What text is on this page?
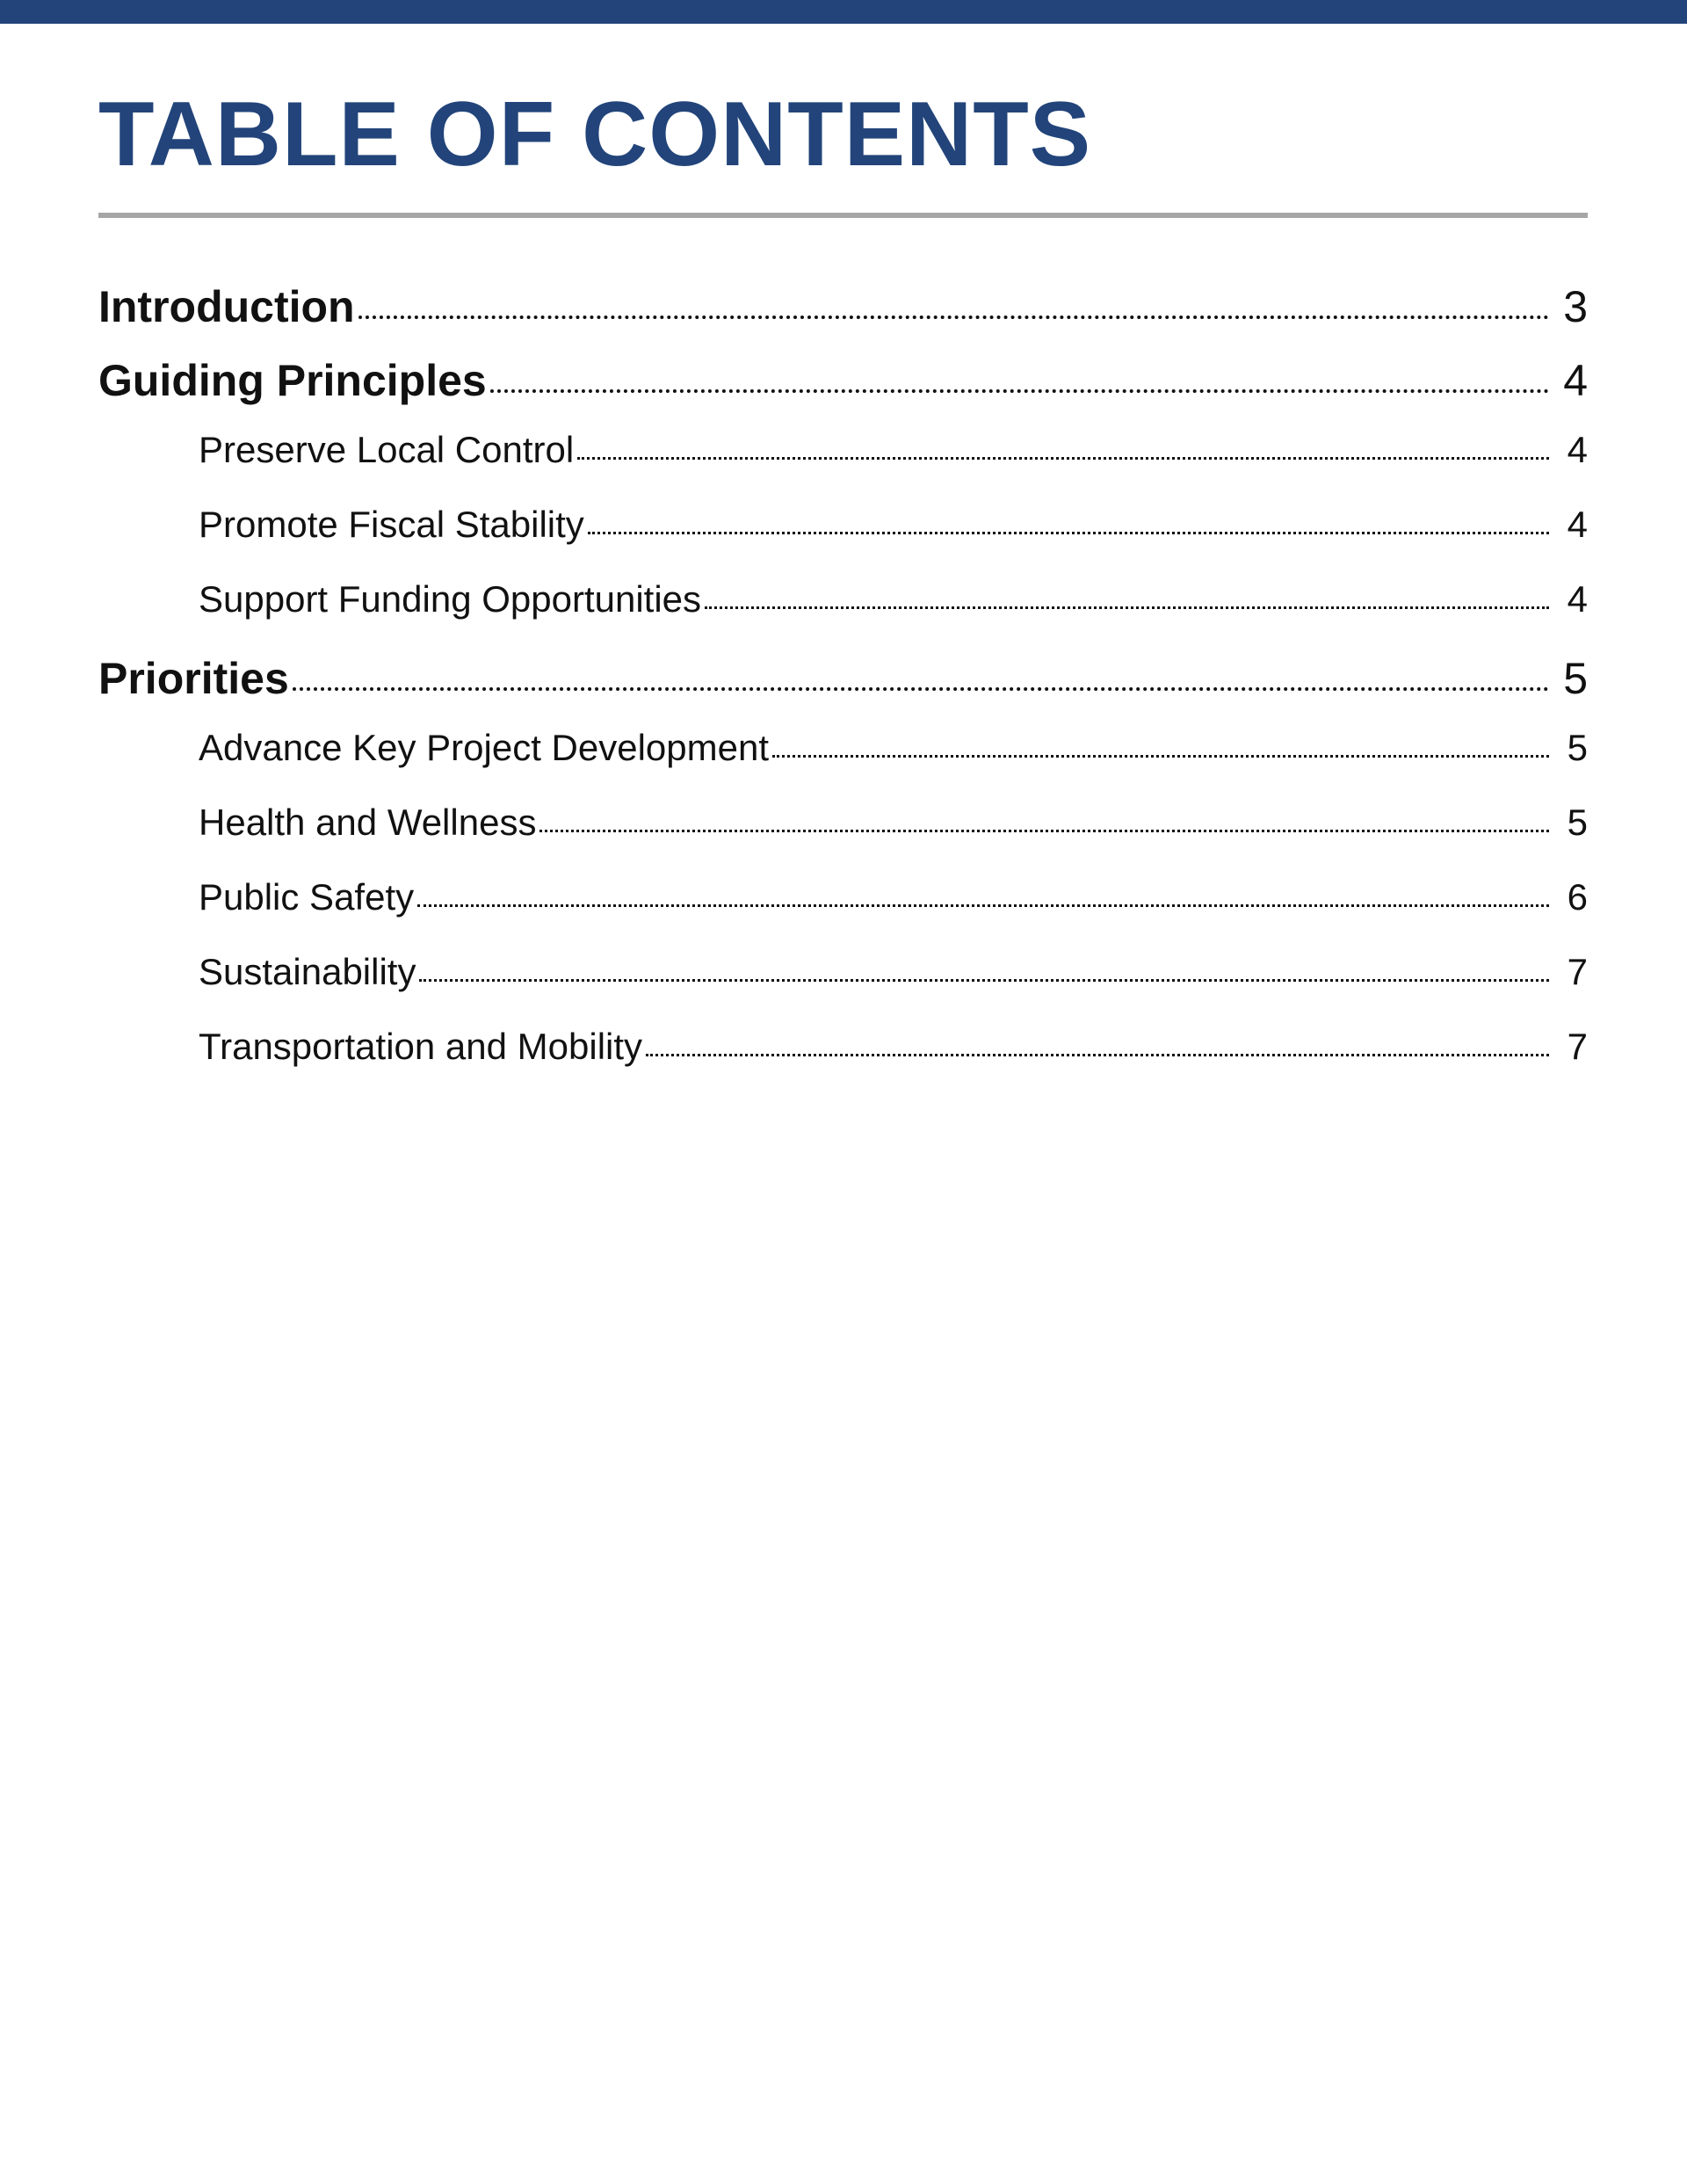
TABLE OF CONTENTS
Introduction	3
Guiding Principles	4
Preserve Local Control	4
Promote Fiscal Stability	4
Support Funding Opportunities	4
Priorities	5
Advance Key Project Development	5
Health and Wellness	5
Public Safety	6
Sustainability	7
Transportation and Mobility	7
